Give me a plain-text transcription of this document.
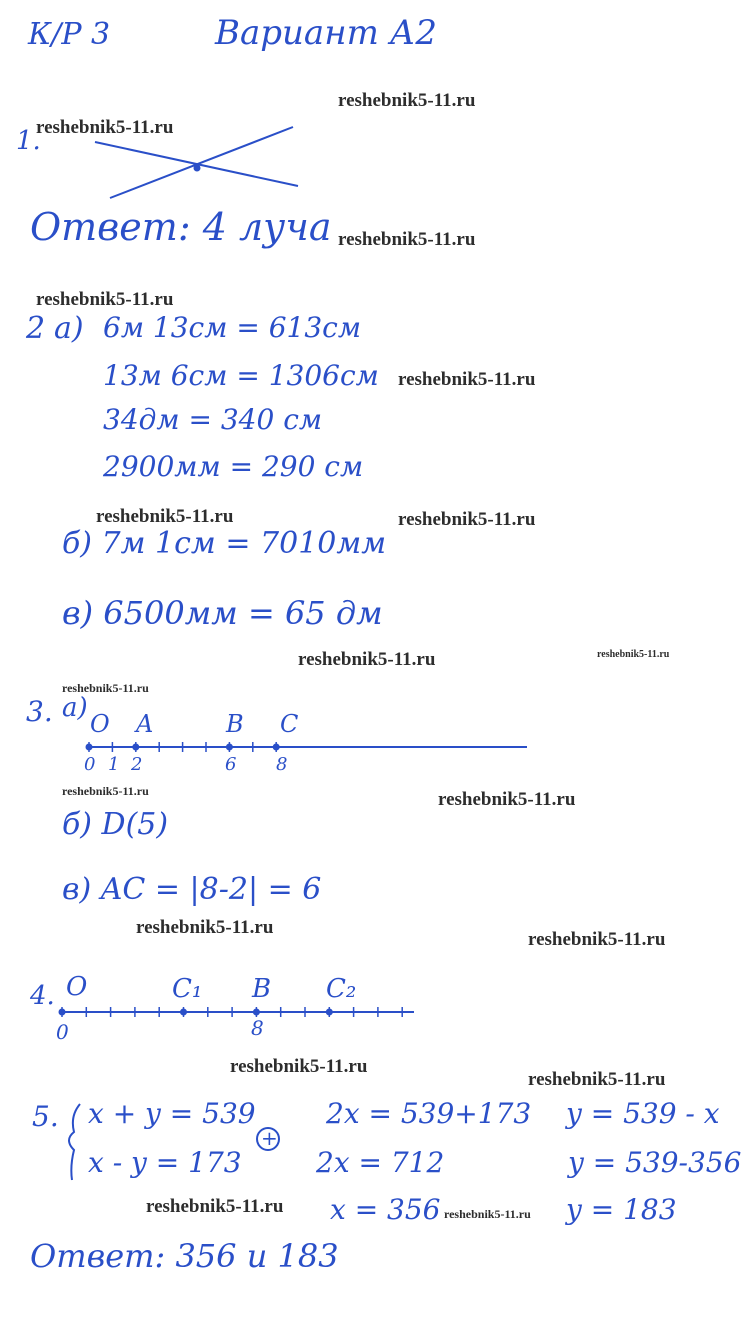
К/Р 3	Вариант А2
1.
Ответ: 4 луча
2 а) 6м 13см = 613см
13м 6см = 1306см
34дм = 340 см
2900мм = 290 см
б) 7м 1см = 7010мм
в) 6500мм = 65 дм
3. а)
O A	B C
0 1 2	6 8
б) D(5)
в) AC = |8-2| = 6
4. O	C₁ B C₂
0	8
5.
+
x + y = 539
x - y = 173
2x = 539+173
2x = 712
x = 356
y = 539 - x
y = 539-356
y = 183
Ответ: 356 и 183
reshebnik5-11.ru
reshebnik5-11.ru
reshebnik5-11.ru
reshebnik5-11.ru
reshebnik5-11.ru
reshebnik5-11.ru	reshebnik5-11.ru
reshebnik5-11.ru	reshebnik5-11.ru
reshebnik5-11.ru
reshebnik5-11.ru	reshebnik5-11.ru
reshebnik5-11.ru
reshebnik5-11.ru
reshebnik5-11.ru
reshebnik5-11.ru
reshebnik5-11.ru	reshebnik5-11.ru
